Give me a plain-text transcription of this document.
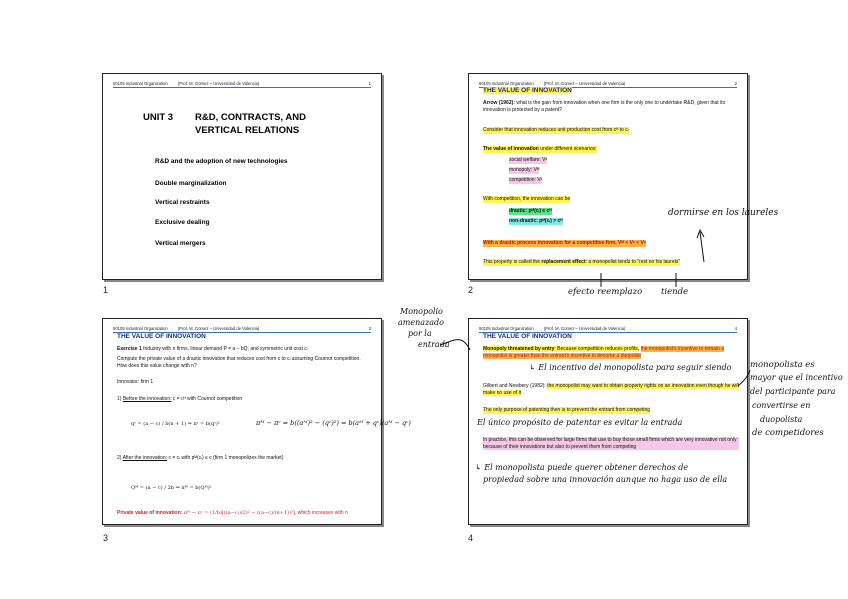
50105 Industrial Organization (Prof. M. Gomez – Universidad de Valencia)	1
UNIT 3 R&D, CONTRACTS, AND
VERTICAL RELATIONS
R&D and the adoption of new technologies
Double marginalization
Vertical restraints
Exclusive dealing
Vertical mergers
1
50105 Industrial Organization (Prof. M. Gomez – Universidad de Valencia)	2
THE VALUE OF INNOVATION
Arrow (1962): what is the gain from innovation when one firm is the only one to undertake R&D, given that its innovation is protected by a patent?
Consider that innovation reduces unit production cost from cᴴ to cₗ
The value of innovation under different scenarios:
social welfare: Vˢ
monopoly: Vᴹ
competition: Vᶜ
With competition, the innovation can be
drastic: pᴹ(cₗ) ≤ cᴴ
non-drastic: pᴹ(cₗ) > cᴴ
With a drastic process innovation for a competitive firm, Vᴹ < Vᶜ < Vˢ
This property is called the replacement effect: a monopolist tends to "rest on his laurels"
2
50105 Industrial Organization (Prof. M. Gomez – Universidad de Valencia)	3
THE VALUE OF INNOVATION
Exercise 1 Industry with n firms, linear demand P = a − bQ, and symmetric unit cost c.
Compute the private value of a drastic innovation that reduces cost from c to cₗ assuming Cournot competition. How does this value change with n?
Innovator: firm 1
1) Before the innovation: c = cᴴ with Cournot competition
qᶜ = (a − c) / b(n + 1) ⇒ πᶜ = b(qᶜ)²
2) After the innovation: c = cₗ with pᴹ(cₗ) ≤ c (firm 1 monopolizes the market)
Qᴹ = (a − c) / 2b ⇒ πᴹ = b(Qᴹ)²
Private value of innovation: πᴹ − πᶜ = (1/b)[((a−cₗ)/2)² − ((a−c)/(n+1))²], which increases with n
πᴹ − πᶜ = b((aᴹ)² − (qᶜ)²) = b(aᴹ + qᶜ)(aᴹ − qᶜ)
3
50105 Industrial Organization (Prof. M. Gomez – Universidad de Valencia)	4
THE VALUE OF INNOVATION
Monopoly threatened by entry: Because competition reduces profits, the monopolist's incentive to remain a monopolist is greater than the entrant's incentive to become a duopolist
Gilbert and Newbery (1982): the monopolist may want to obtain property rights on an innovation even though he will make no use of it
The only purpose of patenting then is to prevent the entrant from competing
In practice, this can be observed for large firms that use to buy those small firms which are very innovative not only because of their innovations but also to prevent them from competing
↳ El incentivo del monopolista para seguir siendo
El único propósito de patentar es evitar la entrada
↳ El monopolista puede querer obtener derechos de
propiedad sobre una innovación aunque no haga uso de ella
4
dormirse en los laureles
efecto reemplazo tiende
Monopolio
amenazado
por la
entrada
monopolista es
mayor que el incentivo
del participante para
convertirse en
duopolista
de competidores
